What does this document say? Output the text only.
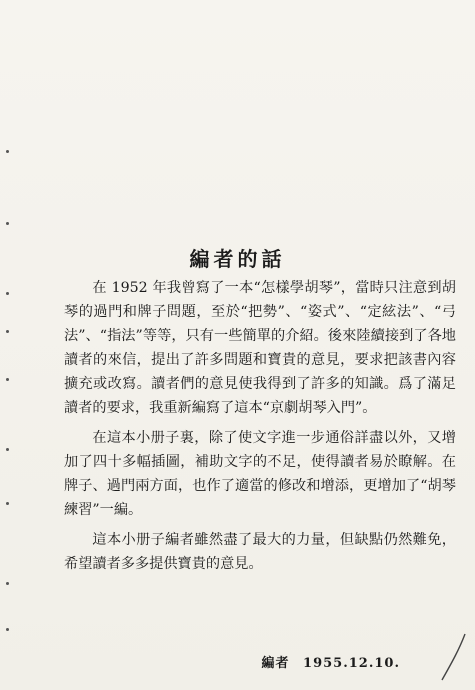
編者的話

在 1952 年我曾寫了一本“怎樣學胡琴”，當時只注意到胡琴的過門和牌子問題，至於“把勢”、“姿式”、“定絃法”、“弓法”、“指法”等等，只有一些簡單的介紹。後來陸續接到了各地讀者的來信，提出了許多問題和寶貴的意見，要求把該書內容擴充或改寫。讀者們的意見使我得到了許多的知識。爲了滿足讀者的要求，我重新編寫了這本“京劇胡琴入門”。

在這本小册子裏，除了使文字進一步通俗詳盡以外，又增加了四十多幅插圖，補助文字的不足，使得讀者易於瞭解。在牌子、過門兩方面，也作了適當的修改和增添，更增加了“胡琴練習”一編。

這本小册子編者雖然盡了最大的力量，但缺點仍然難免，希望讀者多多提供寶貴的意見。

編者 1955.12.10.
